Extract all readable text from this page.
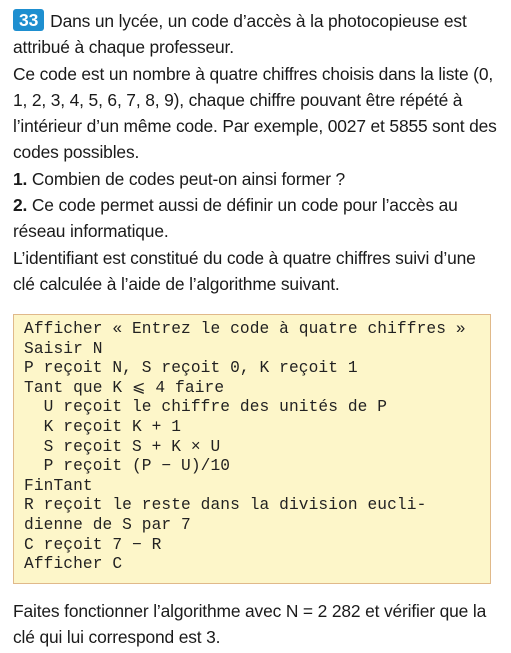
33 Dans un lycée, un code d’accès à la photocopieuse est attribué à chaque professeur.

Ce code est un nombre à quatre chiffres choisis dans la liste (0, 1, 2, 3, 4, 5, 6, 7, 8, 9), chaque chiffre pouvant être répété à l’intérieur d’un même code. Par exemple, 0027 et 5855 sont des codes possibles.

1. Combien de codes peut-on ainsi former ?

2. Ce code permet aussi de définir un code pour l’accès au réseau informatique.

L’identifiant est constitué du code à quatre chiffres suivi d’une clé calculée à l’aide de l’algorithme suivant.

Afficher « Entrez le code à quatre chiffres »
Saisir N
P reçoit N, S reçoit 0, K reçoit 1
Tant que K ⩽ 4 faire
U reçoit le chiffre des unités de P
K reçoit K + 1
S reçoit S + K × U
P reçoit (P − U)/10
FinTant
R reçoit le reste dans la division eucli-
dienne de S par 7
C reçoit 7 − R
Afficher C

Faites fonctionner l’algorithme avec N = 2 282 et vérifier que la clé qui lui correspond est 3.
